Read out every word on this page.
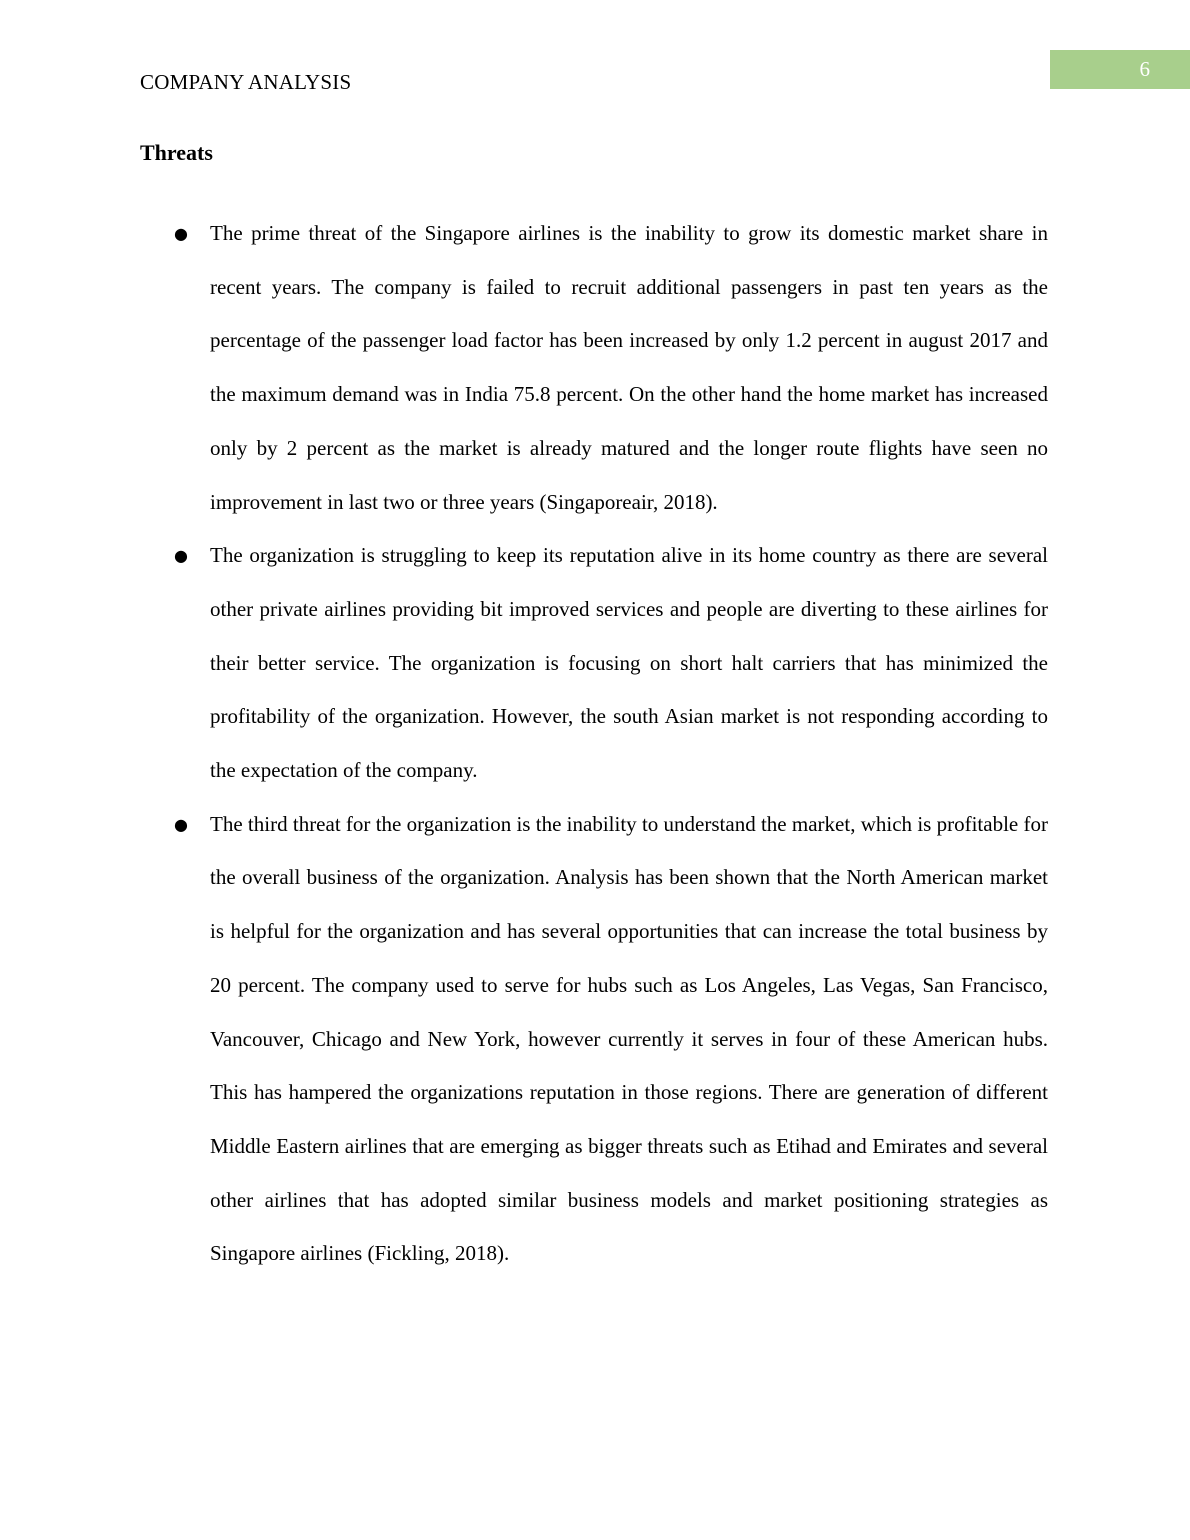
6
COMPANY ANALYSIS
Threats
● The prime threat of the Singapore airlines is the inability to grow its domestic market share in recent years. The company is failed to recruit additional passengers in past ten years as the percentage of the passenger load factor has been increased by only 1.2 percent in august 2017 and the maximum demand was in India 75.8 percent. On the other hand the home market has increased only by 2 percent as the market is already matured and the longer route flights have seen no improvement in last two or three years (Singaporeair, 2018).
● The organization is struggling to keep its reputation alive in its home country as there are several other private airlines providing bit improved services and people are diverting to these airlines for their better service. The organization is focusing on short halt carriers that has minimized the profitability of the organization. However, the south Asian market is not responding according to the expectation of the company.
● The third threat for the organization is the inability to understand the market, which is profitable for the overall business of the organization. Analysis has been shown that the North American market is helpful for the organization and has several opportunities that can increase the total business by 20 percent. The company used to serve for hubs such as Los Angeles, Las Vegas, San Francisco, Vancouver, Chicago and New York, however currently it serves in four of these American hubs. This has hampered the organizations reputation in those regions. There are generation of different Middle Eastern airlines that are emerging as bigger threats such as Etihad and Emirates and several other airlines that has adopted similar business models and market positioning strategies as Singapore airlines (Fickling, 2018).
